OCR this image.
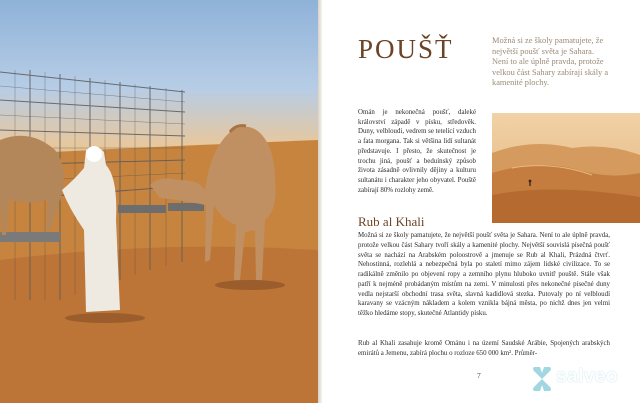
POUŠŤ	Možná si ze školy pamatujete, že největší poušť světa je Sahara. Není to ale úplně pravda, protože velkou část Sahary zabírají skály a kamenité plochy.
Omán je nekonečná poušť, daleké království západě v písku, středověk. Duny, velbloudi, vedrem se tetelící vzduch a fata morgana. Tak si většina lidí sultanát představuje. I přesto, že skutečnost je trochu jiná, poušť a beduínský způsob života zásadně ovlivnily dějiny a kulturu sultanátu i charakter jeho obyvatel. Pouště zabírají 80% rozlohy země.
Rub al Khali
Možná si ze školy pamatujete, že největší poušť světa je Sahara. Není to ale úplně pravda, protože velkou část Sahary tvoří skály a kamenité plochy. Největší souvislá písečná poušť světa se nachází na Arabském poloostrově a jmenuje se Rub al Khali, Prázdná čtvrť. Nehostinná, rozlehlá a nebezpečná byla po staletí mimo zájem lidské civilizace. To se radikálně změnilo po objevení ropy a zemního plynu hluboko uvnitř pouště. Stále však patří k nejméně probádaným místům na zemi. V minulosti přes nekonečné písečné duny vedla nejstarší obchodní trasa světa, slavná kadidlová stezka. Putovaly po ní velbloudí karavany se vzácným nákladem a kolem vznikla bájná města, po nichž dnes jen velmi těžko hledáme stopy, skutečné Atlantidy písku.
Rub al Khali zasahuje kromě Ománu i na území Saudské Arábie, Spojených arabských emirátů a Jemenu, zabírá plochu o rozloze 650 000 km². Průměr-
7	salveo
